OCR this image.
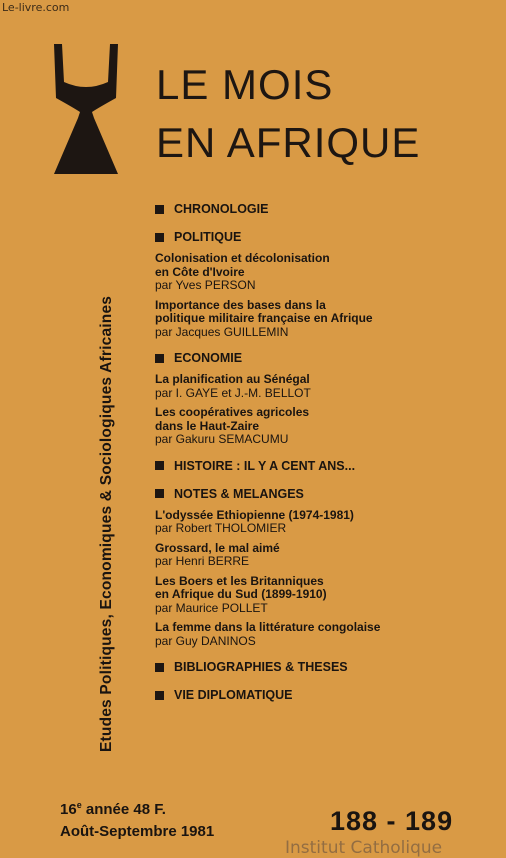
Le-livre.com
LE MOIS
EN AFRIQUE
Etudes Politiques, Economiques & Sociologiques Africaines
CHRONOLOGIE
POLITIQUE
Colonisation et décolonisation
en Côte d'Ivoire
par Yves PERSON
Importance des bases dans la
politique militaire française en Afrique
par Jacques GUILLEMIN
ECONOMIE
La planification au Sénégal
par I. GAYE et J.-M. BELLOT
Les coopératives agricoles
dans le Haut-Zaire
par Gakuru SEMACUMU
HISTOIRE : IL Y A CENT ANS...
NOTES & MELANGES
L'odyssée Ethiopienne (1974-1981)
par Robert THOLOMIER
Grossard, le mal aimé
par Henri BERRE
Les Boers et les Britanniques
en Afrique du Sud (1899-1910)
par Maurice POLLET
La femme dans la littérature congolaise
par Guy DANINOS
BIBLIOGRAPHIES & THESES
VIE DIPLOMATIQUE
16e année 48 F.
Août-Septembre 1981	188 - 189
Institut Catholique
